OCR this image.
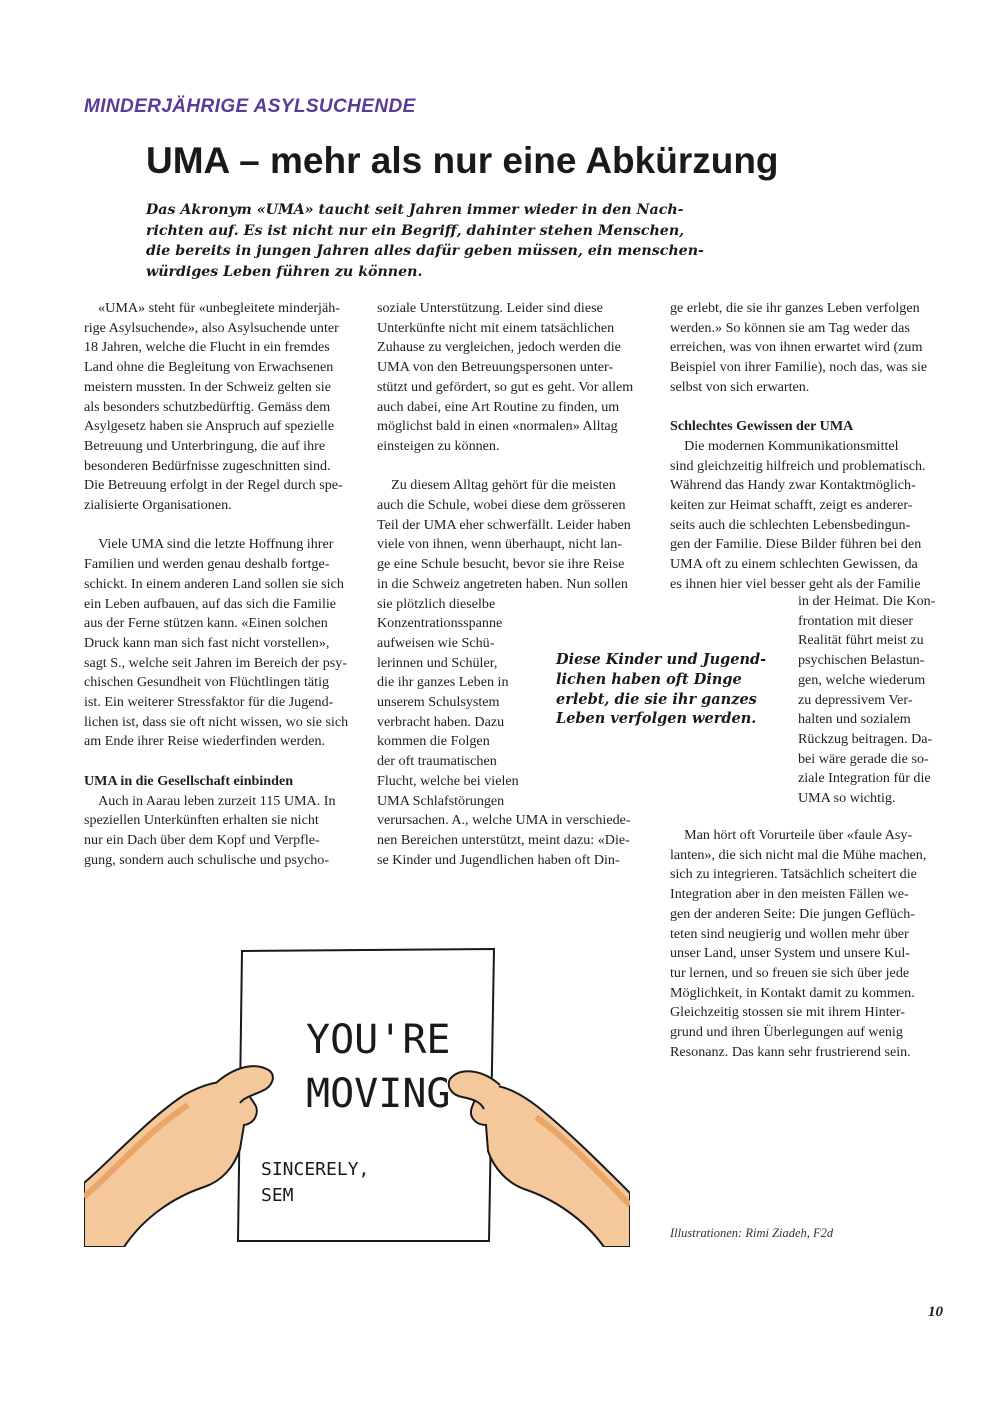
MINDERJÄHRIGE ASYLSUCHENDE
UMA – mehr als nur eine Abkürzung
Das Akronym «UMA» taucht seit Jahren immer wieder in den Nach-
richten auf. Es ist nicht nur ein Begriff, dahinter stehen Menschen,
die bereits in jungen Jahren alles dafür geben müssen, ein menschen-
würdiges Leben führen zu können.

 «UMA» steht für «unbegleitete minderjäh-
rige Asylsuchende», also Asylsuchende unter
18 Jahren, welche die Flucht in ein fremdes
Land ohne die Begleitung von Erwachsenen
meistern mussten. In der Schweiz gelten sie
als besonders schutzbedürftig. Gemäss dem
Asylgesetz haben sie Anspruch auf spezielle
Betreuung und Unterbringung, die auf ihre
besonderen Bedürfnisse zugeschnitten sind.
Die Betreuung erfolgt in der Regel durch spe-
zialisierte Organisationen.

 Viele UMA sind die letzte Hoffnung ihrer
Familien und werden genau deshalb fortge-
schickt. In einem anderen Land sollen sie sich
ein Leben aufbauen, auf das sich die Familie
aus der Ferne stützen kann. «Einen solchen
Druck kann man sich fast nicht vorstellen»,
sagt S., welche seit Jahren im Bereich der psy-
chischen Gesundheit von Flüchtlingen tätig
ist. Ein weiterer Stressfaktor für die Jugend-
lichen ist, dass sie oft nicht wissen, wo sie sich
am Ende ihrer Reise wiederfinden werden.

UMA in die Gesellschaft einbinden

 Auch in Aarau leben zurzeit 115 UMA. In
speziellen Unterkünften erhalten sie nicht
nur ein Dach über dem Kopf und Verpfle-
gung, sondern auch schulische und psycho-

soziale Unterstützung. Leider sind diese
Unterkünfte nicht mit einem tatsächlichen
Zuhause zu vergleichen, jedoch werden die
UMA von den Betreuungspersonen unter-
stützt und gefördert, so gut es geht. Vor allem
auch dabei, eine Art Routine zu finden, um
möglichst bald in einen «normalen» Alltag
einsteigen zu können.

 Zu diesem Alltag gehört für die meisten
auch die Schule, wobei diese dem grösseren
Teil der UMA eher schwerfällt. Leider haben
viele von ihnen, wenn überhaupt, nicht lan-
ge eine Schule besucht, bevor sie ihre Reise
in die Schweiz angetreten haben. Nun sollen
sie plötzlich dieselbe
Konzentrationsspanne
aufweisen wie Schü-
lerinnen und Schüler,
die ihr ganzes Leben in
unserem Schulsystem
verbracht haben. Dazu
kommen die Folgen
der oft traumatischen
Flucht, welche bei vielen
UMA Schlafstörungen
verursachen. A., welche UMA in verschiede-
nen Bereichen unterstützt, meint dazu: «Die-
se Kinder und Jugendlichen haben oft Din-

ge erlebt, die sie ihr ganzes Leben verfolgen
werden.» So können sie am Tag weder das
erreichen, was von ihnen erwartet wird (zum
Beispiel von ihrer Familie), noch das, was sie
selbst von sich erwarten.

Schlechtes Gewissen der UMA

 Die modernen Kommunikationsmittel
sind gleichzeitig hilfreich und problematisch.
Während das Handy zwar Kontaktmöglich-
keiten zur Heimat schafft, zeigt es anderer-
seits auch die schlechten Lebensbedingun-
gen der Familie. Diese Bilder führen bei den
UMA oft zu einem schlechten Gewissen, da
es ihnen hier viel besser geht als der Familie

in der Heimat. Die Kon-
frontation mit dieser
Realität führt meist zu
psychischen Belastun-
gen, welche wiederum
zu depressivem Ver-
halten und sozialem
Rückzug beitragen. Da-
bei wäre gerade die so-
ziale Integration für die
UMA so wichtig.

 Man hört oft Vorurteile über «faule Asy-
lanten», die sich nicht mal die Mühe machen,
sich zu integrieren. Tatsächlich scheitert die
Integration aber in den meisten Fällen we-
gen der anderen Seite: Die jungen Geflüch-
teten sind neugierig und wollen mehr über
unser Land, unser System und unsere Kul-
tur lernen, und so freuen sie sich über jede
Möglichkeit, in Kontakt damit zu kommen.
Gleichzeitig stossen sie mit ihrem Hinter-
grund und ihren Überlegungen auf wenig
Resonanz. Das kann sehr frustrierend sein.

Diese Kinder und Jugend-
lichen haben oft Dinge
erlebt, die sie ihr ganzes
Leben verfolgen werden.
YOU'RE
MOVING
SINCERELY,
SEM
Illustrationen: Rimi Ziadeh, F2d
10
